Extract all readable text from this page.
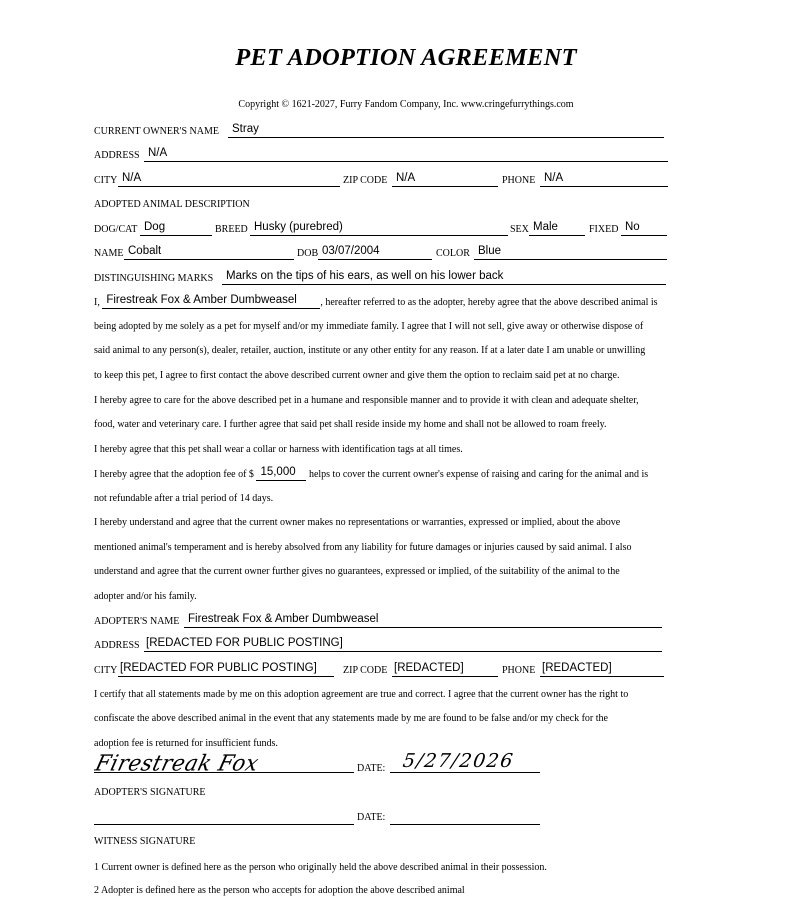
PET ADOPTION AGREEMENT
Copyright © 1621-2027, Furry Fandom Company, Inc. www.cringefurrythings.com
CURRENT OWNER'S NAME Stray
ADDRESS N/A
CITY N/A	ZIP CODE N/A	PHONE N/A
ADOPTED ANIMAL DESCRIPTION
DOG/CAT Dog	BREED Husky (purebred)	SEX Male	FIXED No
NAME Cobalt	DOB 03/07/2004	COLOR Blue
DISTINGUISHING MARKS Marks on the tips of his ears, as well on his lower back
I, Firestreak Fox & Amber Dumbweasel , hereafter referred to as the adopter, hereby agree that the above described animal is
being adopted by me solely as a pet for myself and/or my immediate family. I agree that I will not sell, give away or otherwise dispose of
said animal to any person(s), dealer, retailer, auction, institute or any other entity for any reason. If at a later date I am unable or unwilling
to keep this pet, I agree to first contact the above described current owner and give them the option to reclaim said pet at no charge.
I hereby agree to care for the above described pet in a humane and responsible manner and to provide it with clean and adequate shelter,
food, water and veterinary care. I further agree that said pet shall reside inside my home and shall not be allowed to roam freely.
I hereby agree that this pet shall wear a collar or harness with identification tags at all times.
I hereby agree that the adoption fee of $ 15,000 helps to cover the current owner's expense of raising and caring for the animal and is
not refundable after a trial period of 14 days.
I hereby understand and agree that the current owner makes no representations or warranties, expressed or implied, about the above
mentioned animal's temperament and is hereby absolved from any liability for future damages or injuries caused by said animal. I also
understand and agree that the current owner further gives no guarantees, expressed or implied, of the suitability of the animal to the
adopter and/or his family.
ADOPTER'S NAME Firestreak Fox & Amber Dumbweasel
ADDRESS [REDACTED FOR PUBLIC POSTING]
CITY [REDACTED FOR PUBLIC POSTING]	ZIP CODE [REDACTED]	PHONE [REDACTED]
I certify that all statements made by me on this adoption agreement are true and correct. I agree that the current owner has the right to
confiscate the above described animal in the event that any statements made by me are found to be false and/or my check for the
adoption fee is returned for insufficient funds.
Firestreak Fox	DATE: 5/27/2026
ADOPTER'S SIGNATURE
DATE:
WITNESS SIGNATURE
1 Current owner is defined here as the person who originally held the above described animal in their possession.
2 Adopter is defined here as the person who accepts for adoption the above described animal
